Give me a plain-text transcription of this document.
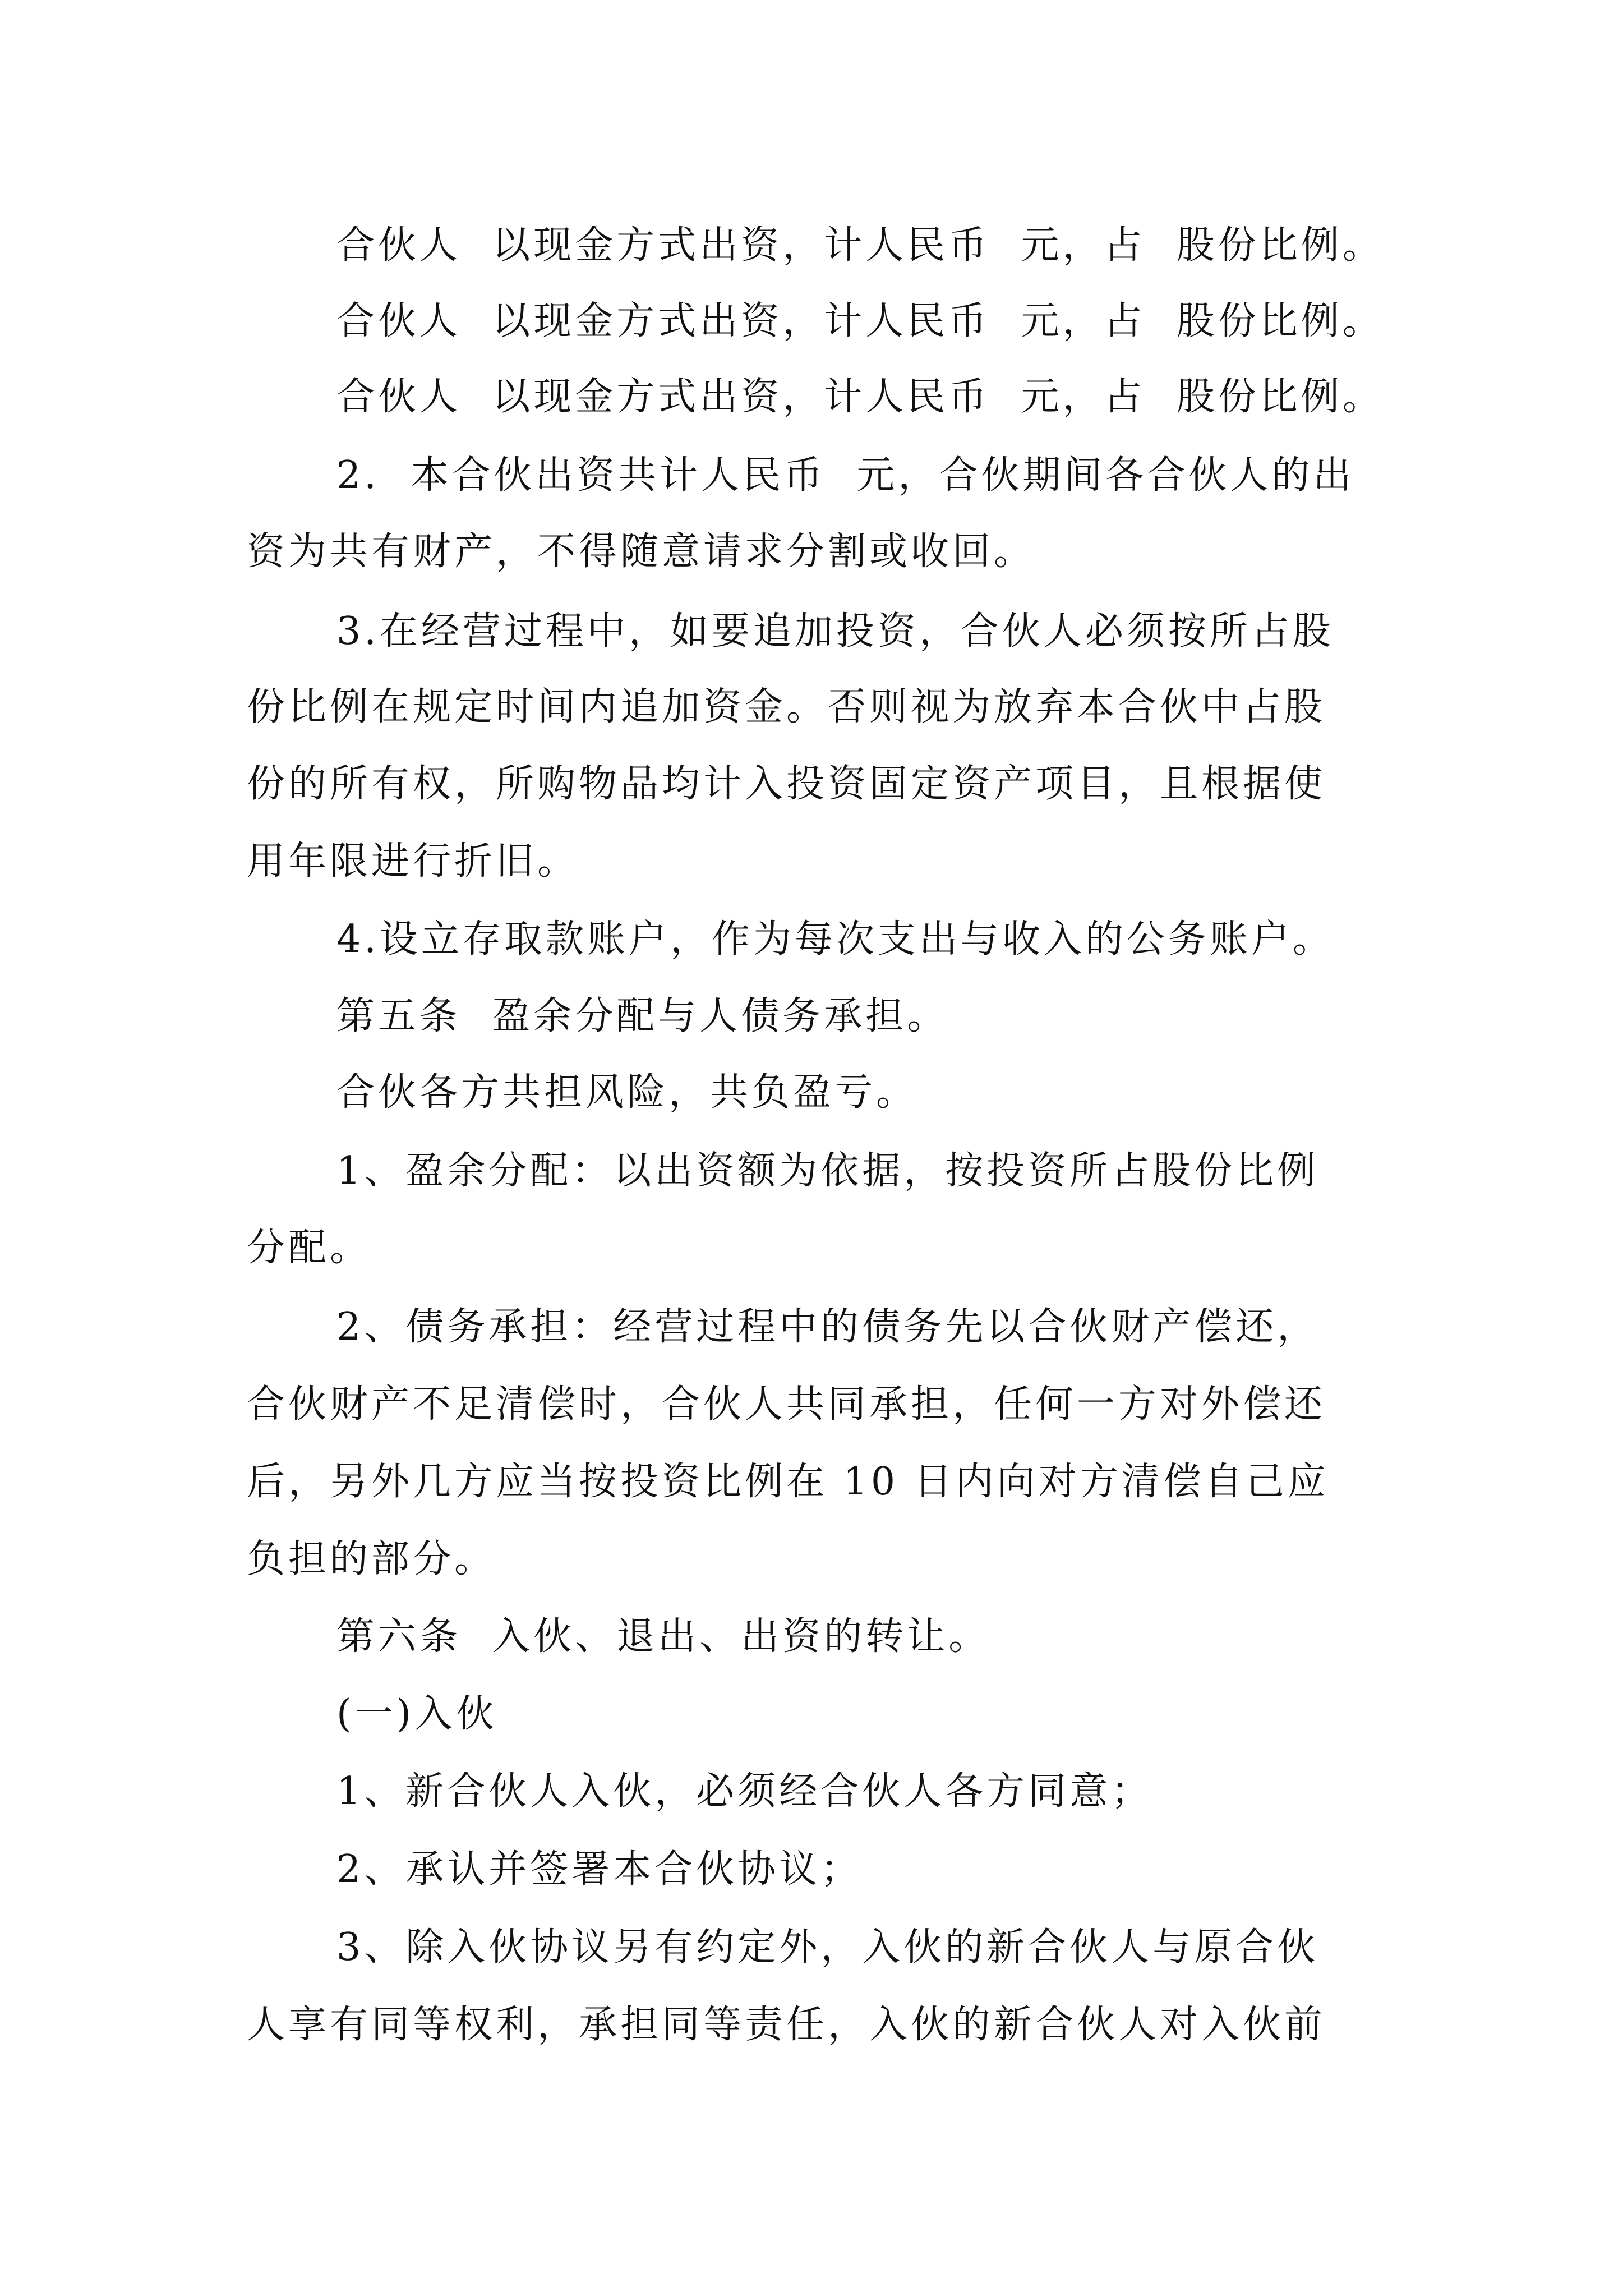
合伙人  以现金方式出资，计人民币  元，占  股份比例。

合伙人  以现金方式出资，计人民币  元，占  股份比例。

合伙人  以现金方式出资，计人民币  元，占  股份比例。

2.  本合伙出资共计人民币  元，合伙期间各合伙人的出

资为共有财产，不得随意请求分割或收回。

3.在经营过程中，如要追加投资，合伙人必须按所占股

份比例在规定时间内追加资金。否则视为放弃本合伙中占股

份的所有权，所购物品均计入投资固定资产项目，且根据使

用年限进行折旧。

4.设立存取款账户，作为每次支出与收入的公务账户。

第五条  盈余分配与人债务承担。

合伙各方共担风险，共负盈亏。

1、盈余分配：以出资额为依据，按投资所占股份比例

分配。

2、债务承担：经营过程中的债务先以合伙财产偿还，

合伙财产不足清偿时，合伙人共同承担，任何一方对外偿还

后，另外几方应当按投资比例在 10 日内向对方清偿自己应

负担的部分。

第六条  入伙、退出、出资的转让。

(一)入伙

1、新合伙人入伙，必须经合伙人各方同意；

2、承认并签署本合伙协议；

3、除入伙协议另有约定外，入伙的新合伙人与原合伙

人享有同等权利，承担同等责任，入伙的新合伙人对入伙前
